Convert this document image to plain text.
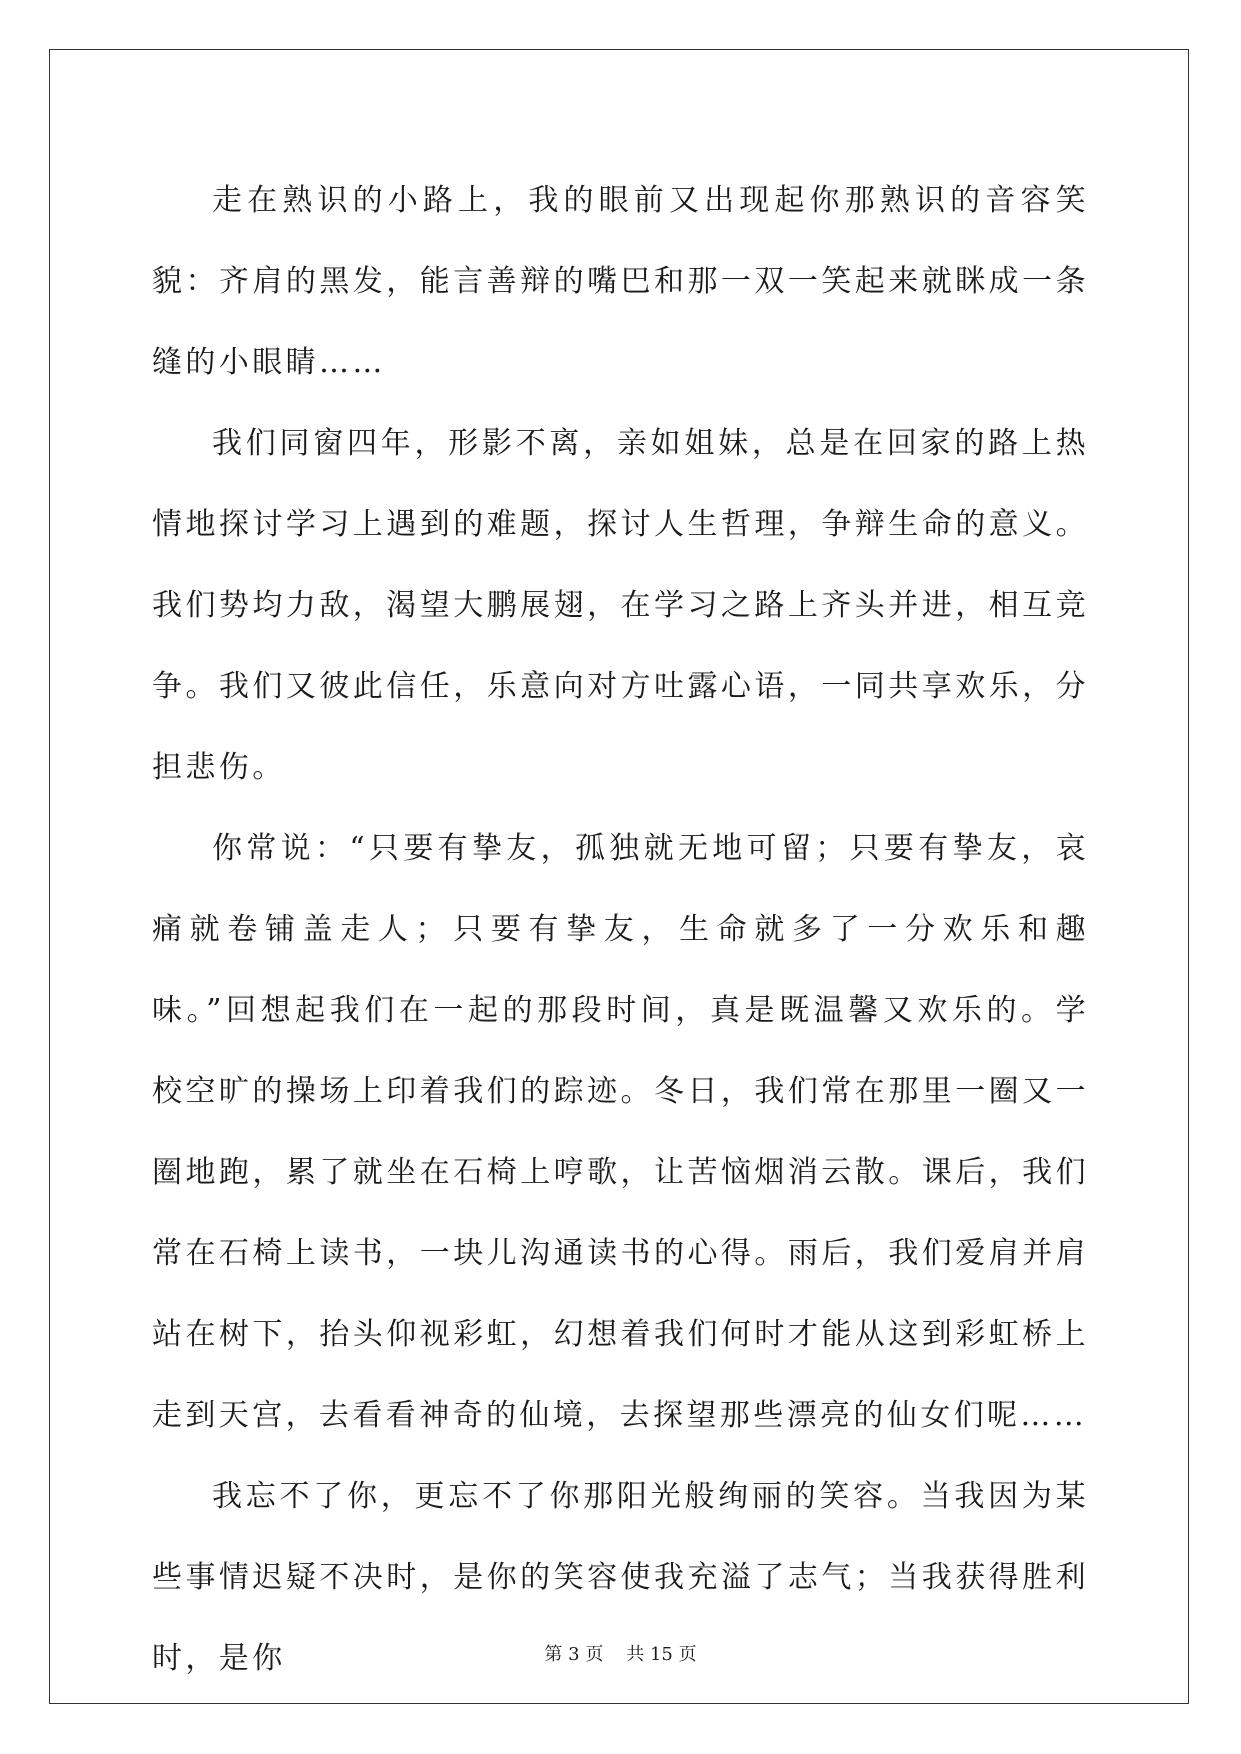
走在熟识的小路上，我的眼前又出现起你那熟识的音容笑貌：齐肩的黑发，能言善辩的嘴巴和那一双一笑起来就眯成一条缝的小眼睛……

我们同窗四年，形影不离，亲如姐妹，总是在回家的路上热情地探讨学习上遇到的难题，探讨人生哲理，争辩生命的意义。我们势均力敌，渴望大鹏展翅，在学习之路上齐头并进，相互竞争。我们又彼此信任，乐意向对方吐露心语，一同共享欢乐，分担悲伤。

你常说：“只要有挚友，孤独就无地可留；只要有挚友，哀痛就卷铺盖走人；只要有挚友，生命就多了一分欢乐和趣味。”回想起我们在一起的那段时间，真是既温馨又欢乐的。学校空旷的操场上印着我们的踪迹。冬日，我们常在那里一圈又一圈地跑，累了就坐在石椅上哼歌，让苦恼烟消云散。课后，我们常在石椅上读书，一块儿沟通读书的心得。雨后，我们爱肩并肩站在树下，抬头仰视彩虹，幻想着我们何时才能从这到彩虹桥上走到天宫，去看看神奇的仙境，去探望那些漂亮的仙女们呢……

我忘不了你，更忘不了你那阳光般绚丽的笑容。当我因为某些事情迟疑不决时，是你的笑容使我充溢了志气；当我获得胜利时，是你	第 3 页 共 15 页
